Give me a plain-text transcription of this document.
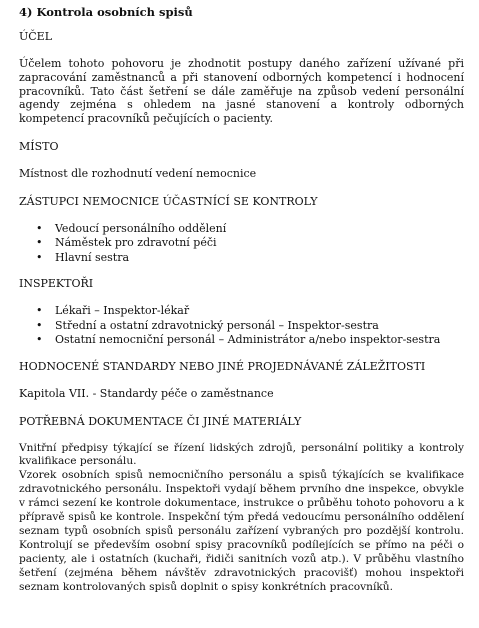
4) Kontrola osobních spisů
ÚČEL
Účelem tohoto pohovoru je zhodnotit postupy daného zařízení užívané při zapracování zaměstnanců a při stanovení odborných kompetencí i hodnocení pracovníků. Tato část šetření se dále zaměřuje na způsob vedení personální agendy zejména s ohledem na jasné stanovení a kontroly odborných kompetencí pracovníků pečujících o pacienty.
MÍSTO
Místnost dle rozhodnutí vedení nemocnice
ZÁSTUPCI NEMOCNICE ÚČASTNÍCÍ SE KONTROLY
• Vedoucí personálního oddělení
• Náměstek pro zdravotní péči
• Hlavní sestra
INSPEKTOŘI
• Lékaři – Inspektor-lékař
• Střední a ostatní zdravotnický personál – Inspektor-sestra
• Ostatní nemocniční personál – Administrátor a/nebo inspektor-sestra
HODNOCENÉ STANDARDY NEBO JINÉ PROJEDNÁVANÉ ZÁLEŽITOSTI
Kapitola VII. - Standardy péče o zaměstnance
POTŘEBNÁ DOKUMENTACE ČI JINÉ MATERIÁLY
Vnitřní předpisy týkající se řízení lidských zdrojů, personální politiky a kontroly kvalifikace personálu.
Vzorek osobních spisů nemocničního personálu a spisů týkajících se kvalifikace zdravotnického personálu. Inspektoři vydají během prvního dne inspekce, obvykle v rámci sezení ke kontrole dokumentace, instrukce o průběhu tohoto pohovoru a k přípravě spisů ke kontrole. Inspekční tým předá vedoucímu personálního oddělení seznam typů osobních spisů personálu zařízení vybraných pro pozdější kontrolu. Kontrolují se především osobní spisy pracovníků podílejících se přímo na péči o pacienty, ale i ostatních (kuchaři, řidiči sanitních vozů atp.). V průběhu vlastního šetření (zejména během návštěv zdravotnických pracovišť) mohou inspektoři seznam kontrolovaných spisů doplnit o spisy konkrétních pracovníků.
